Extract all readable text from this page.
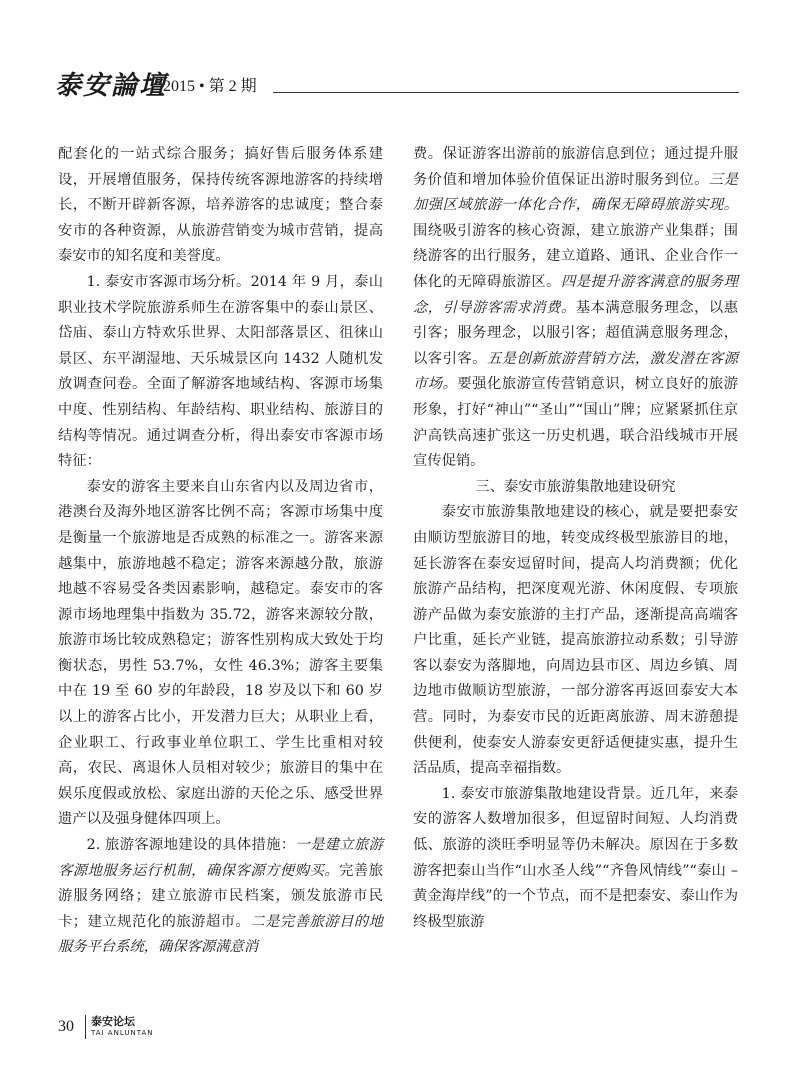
泰安論壇
2015 • 第 2 期

配套化的一站式综合服务；搞好售后服务体系建设，开展增值服务，保持传统客源地游客的持续增长，不断开辟新客源，培养游客的忠诚度；整合泰安市的各种资源，从旅游营销变为城市营销，提高泰安市的知名度和美誉度。

1. 泰安市客源市场分析。2014 年 9 月，泰山职业技术学院旅游系师生在游客集中的泰山景区、岱庙、泰山方特欢乐世界、太阳部落景区、徂徕山景区、东平湖湿地、天乐城景区向 1432 人随机发放调查问卷。全面了解游客地域结构、客源市场集中度、性别结构、年龄结构、职业结构、旅游目的结构等情况。通过调查分析，得出泰安市客源市场特征：

泰安的游客主要来自山东省内以及周边省市，港澳台及海外地区游客比例不高；客源市场集中度是衡量一个旅游地是否成熟的标准之一。游客来源越集中，旅游地越不稳定；游客来源越分散，旅游地越不容易受各类因素影响，越稳定。泰安市的客源市场地理集中指数为 35.72，游客来源较分散，旅游市场比较成熟稳定；游客性别构成大致处于均衡状态，男性 53.7%，女性 46.3%；游客主要集中在 19 至 60 岁的年龄段，18 岁及以下和 60 岁以上的游客占比小，开发潜力巨大；从职业上看，企业职工、行政事业单位职工、学生比重相对较高，农民、离退休人员相对较少；旅游目的集中在娱乐度假或放松、家庭出游的天伦之乐、感受世界遗产以及强身健体四项上。

2. 旅游客源地建设的具体措施：一是建立旅游客源地服务运行机制，确保客源方便购买。完善旅游服务网络；建立旅游市民档案，颁发旅游市民卡；建立规范化的旅游超市。二是完善旅游目的地服务平台系统，确保客源满意消

费。保证游客出游前的旅游信息到位；通过提升服务价值和增加体验价值保证出游时服务到位。三是加强区域旅游一体化合作，确保无障碍旅游实现。围绕吸引游客的核心资源，建立旅游产业集群；围绕游客的出行服务，建立道路、通讯、企业合作一体化的无障碍旅游区。四是提升游客满意的服务理念，引导游客需求消费。基本满意服务理念，以惠引客；服务理念，以服引客；超值满意服务理念，以客引客。五是创新旅游营销方法，激发潜在客源市场。要强化旅游宣传营销意识，树立良好的旅游形象，打好“神山”“圣山”“国山”牌；应紧紧抓住京沪高铁高速扩张这一历史机遇，联合沿线城市开展宣传促销。

三、泰安市旅游集散地建设研究

泰安市旅游集散地建设的核心，就是要把泰安由顺访型旅游目的地，转变成终极型旅游目的地，延长游客在泰安逗留时间，提高人均消费额；优化旅游产品结构，把深度观光游、休闲度假、专项旅游产品做为泰安旅游的主打产品，逐渐提高高端客户比重，延长产业链，提高旅游拉动系数；引导游客以泰安为落脚地，向周边县市区、周边乡镇、周边地市做顺访型旅游，一部分游客再返回泰安大本营。同时，为泰安市民的近距离旅游、周末游憩提供便利，使泰安人游泰安更舒适便捷实惠，提升生活品质，提高幸福指数。

1. 泰安市旅游集散地建设背景。近几年，来泰安的游客人数增加很多，但逗留时间短、人均消费低、旅游的淡旺季明显等仍未解决。原因在于多数游客把泰山当作“山水圣人线”“齐鲁风情线”“泰山 – 黄金海岸线”的一个节点，而不是把泰安、泰山作为终极型旅游

30 泰安论坛
TAI ANLUNTAN
